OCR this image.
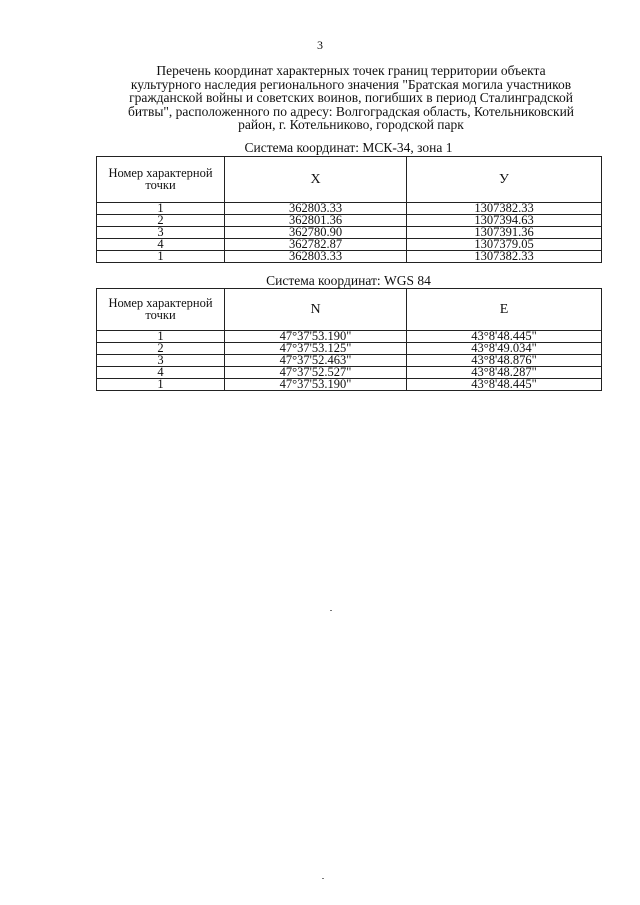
3
Перечень координат характерных точек границ территории объекта
культурного наследия регионального значения "Братская могила участников
гражданской войны и советских воинов, погибших в период Сталинградской
битвы", расположенного по адресу: Волгоградская область, Котельниковский
район, г. Котельниково, городской парк
Система координат: МСК-34, зона 1
Номер характерной точки	X	У
1	362803.33	1307382.33
2	362801.36	1307394.63
3	362780.90	1307391.36
4	362782.87	1307379.05
1	362803.33	1307382.33
Система координат: WGS 84
Номер характерной точки	N	E
1	47°37'53.190"	43°8'48.445"
2	47°37'53.125"	43°8'49.034"
3	47°37'52.463"	43°8'48.876"
4	47°37'52.527"	43°8'48.287"
1	47°37'53.190"	43°8'48.445"
